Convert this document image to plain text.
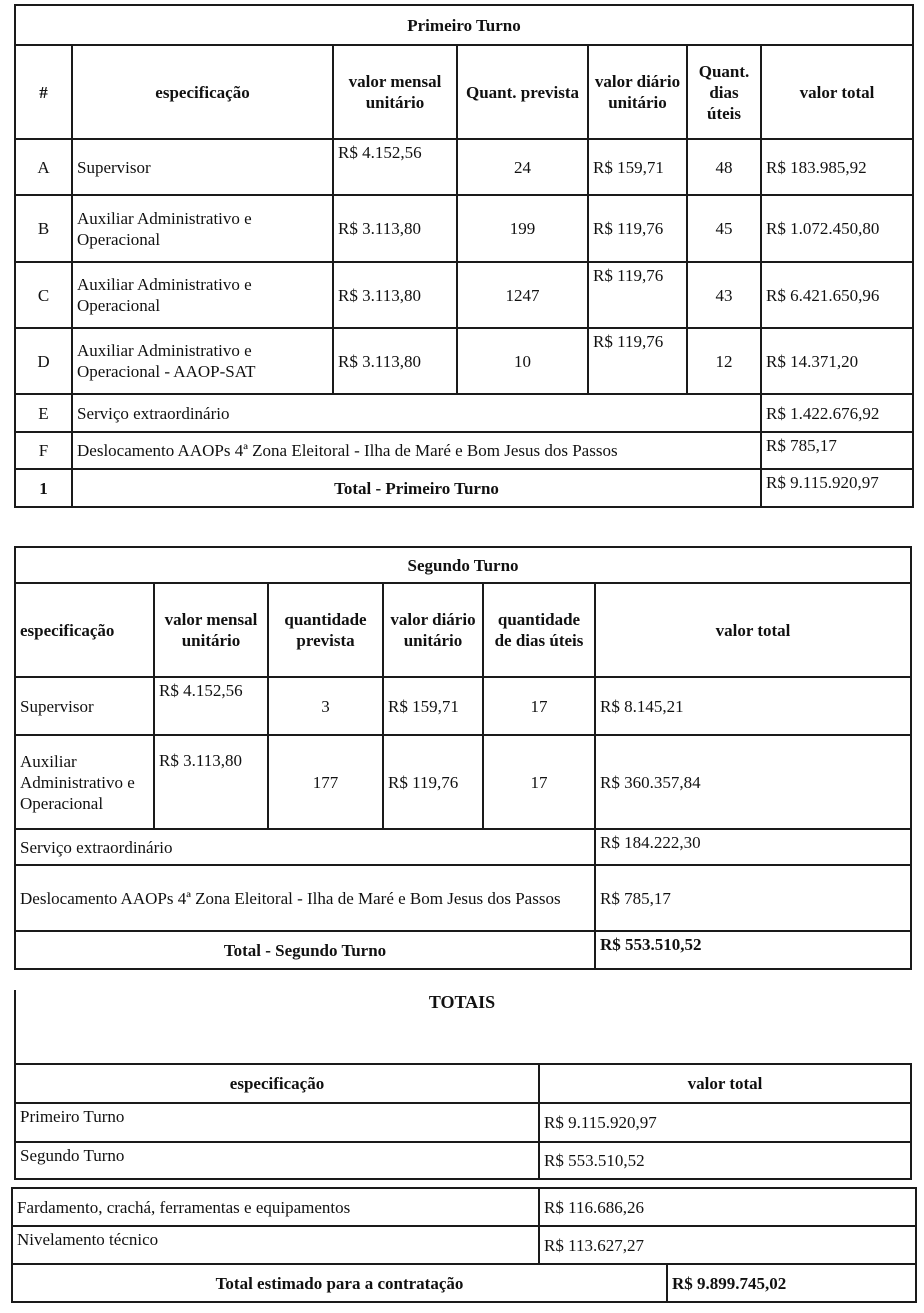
Primeiro Turno						
#	especificação	valor mensal unitário	Quant. prevista	valor diário unitário	Quant. dias úteis	valor total
A	Supervisor	R$ 4.152,56	24	R$ 159,71	48	R$ 183.985,92
B	Auxiliar Administrativo e Operacional	R$ 3.113,80	199	R$ 119,76	45	R$ 1.072.450,80
C	Auxiliar Administrativo e Operacional	R$ 3.113,80	1247	R$ 119,76	43	R$ 6.421.650,96
D	Auxiliar Administrativo e Operacional - AAOP-SAT	R$ 3.113,80	10	R$ 119,76	12	R$ 14.371,20
E	Serviço extraordinário					R$ 1.422.676,92
F	Deslocamento AAOPs 4ª Zona Eleitoral - Ilha de Maré e Bom Jesus dos Passos					R$ 785,17
1	Total - Primeiro Turno					R$ 9.115.920,97
Segundo Turno					
especificação	valor mensal unitário	quantidade prevista	valor diário unitário	quantidade de dias úteis	valor total
Supervisor	R$ 4.152,56	3	R$ 159,71	17	R$ 8.145,21
Auxiliar Administrativo e Operacional	R$ 3.113,80	177	R$ 119,76	17	R$ 360.357,84
Serviço extraordinário					R$ 184.222,30
Deslocamento AAOPs 4ª Zona Eleitoral - Ilha de Maré e Bom Jesus dos Passos					R$ 785,17
Total - Segundo Turno					R$ 553.510,52
TOTAIS
especificação	valor total
Primeiro Turno	R$ 9.115.920,97
Segundo Turno	R$ 553.510,52
Fardamento, crachá, ferramentas e equipamentos	R$ 116.686,26	
Nivelamento técnico	R$ 113.627,27	
Total estimado para a contratação		R$ 9.899.745,02
